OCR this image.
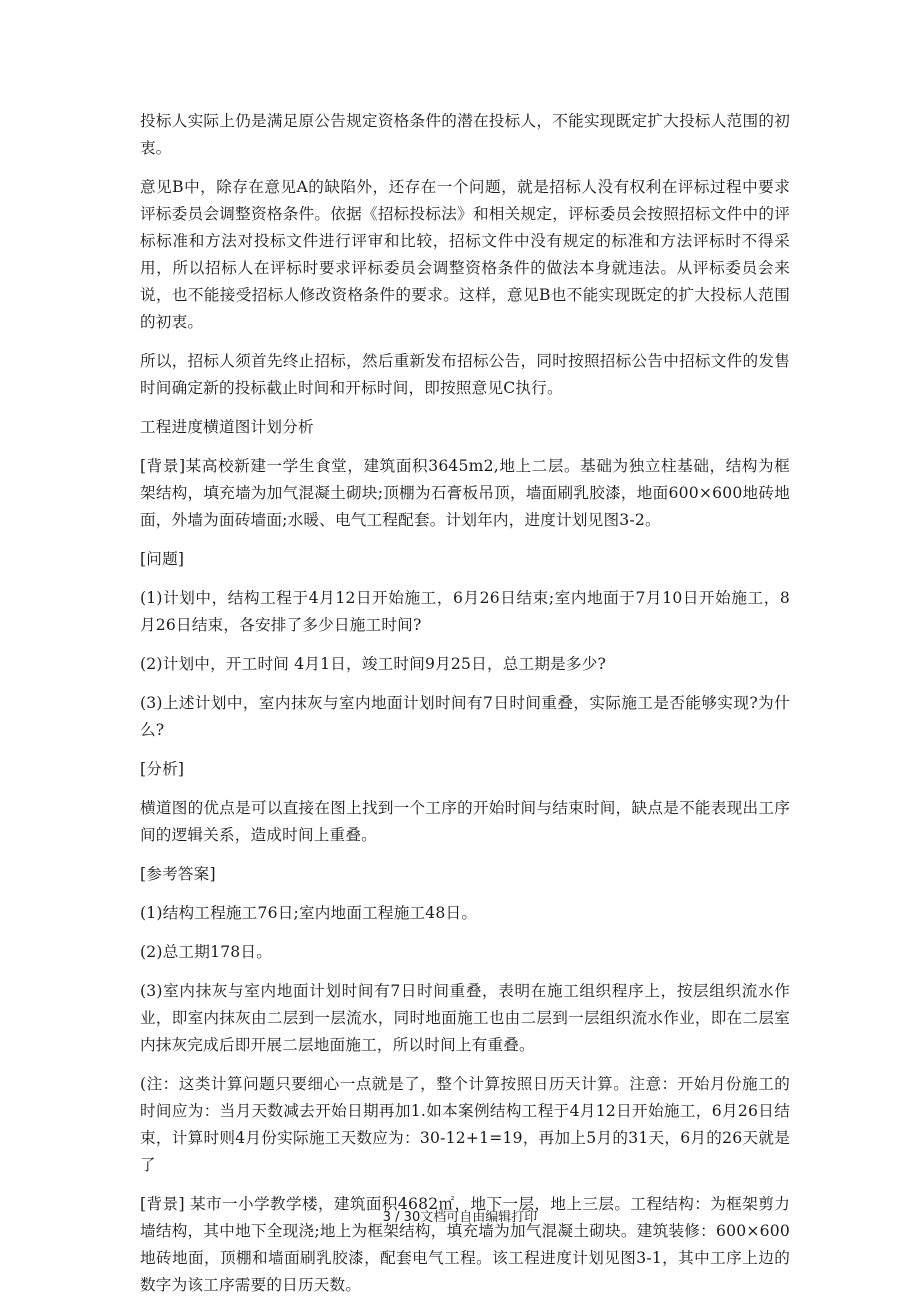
投标人实际上仍是满足原公告规定资格条件的潜在投标人，不能实现既定扩大投标人范围的初衷。

意见B中，除存在意见A的缺陷外，还存在一个问题，就是招标人没有权利在评标过程中要求评标委员会调整资格条件。依据《招标投标法》和相关规定，评标委员会按照招标文件中的评标标准和方法对投标文件进行评审和比较，招标文件中没有规定的标准和方法评标时不得采用，所以招标人在评标时要求评标委员会调整资格条件的做法本身就违法。从评标委员会来说，也不能接受招标人修改资格条件的要求。这样，意见B也不能实现既定的扩大投标人范围的初衷。

所以，招标人须首先终止招标，然后重新发布招标公告，同时按照招标公告中招标文件的发售时间确定新的投标截止时间和开标时间，即按照意见C执行。

工程进度横道图计划分析

[背景]某高校新建一学生食堂，建筑面积3645m2,地上二层。基础为独立柱基础，结构为框架结构，填充墙为加气混凝土砌块;顶棚为石膏板吊顶，墙面刷乳胶漆，地面600×600地砖地面，外墙为面砖墙面;水暖、电气工程配套。计划年内，进度计划见图3-2。

[问题]

(1)计划中，结构工程于4月12日开始施工，6月26日结束;室内地面于7月10日开始施工，8月26日结束，各安排了多少日施工时间?

(2)计划中，开工时间 4月1日，竣工时间9月25日，总工期是多少?

(3)上述计划中，室内抹灰与室内地面计划时间有7日时间重叠，实际施工是否能够实现?为什么?

[分析]

横道图的优点是可以直接在图上找到一个工序的开始时间与结束时间，缺点是不能表现出工序间的逻辑关系，造成时间上重叠。

[参考答案]

(1)结构工程施工76日;室内地面工程施工48日。

(2)总工期178日。

(3)室内抹灰与室内地面计划时间有7日时间重叠，表明在施工组织程序上，按层组织流水作业，即室内抹灰由二层到一层流水，同时地面施工也由二层到一层组织流水作业，即在二层室内抹灰完成后即开展二层地面施工，所以时间上有重叠。

(注：这类计算问题只要细心一点就是了，整个计算按照日历天计算。注意：开始月份施工的时间应为：当月天数减去开始日期再加1.如本案例结构工程于4月12日开始施工，6月26日结束，计算时则4月份实际施工天数应为：30-12+1=19，再加上5月的31天，6月的26天就是了

[背景] 某市一小学教学楼，建筑面积4682㎡，地下一层，地上三层。工程结构：为框架剪力墙结构，其中地下全现浇;地上为框架结构，填充墙为加气混凝土砌块。建筑装修：600×600地砖地面，顶棚和墙面刷乳胶漆，配套电气工程。该工程进度计划见图3-1，其中工序上边的数字为该工序需要的日历天数。

3 / 30文档可自由编辑打印
